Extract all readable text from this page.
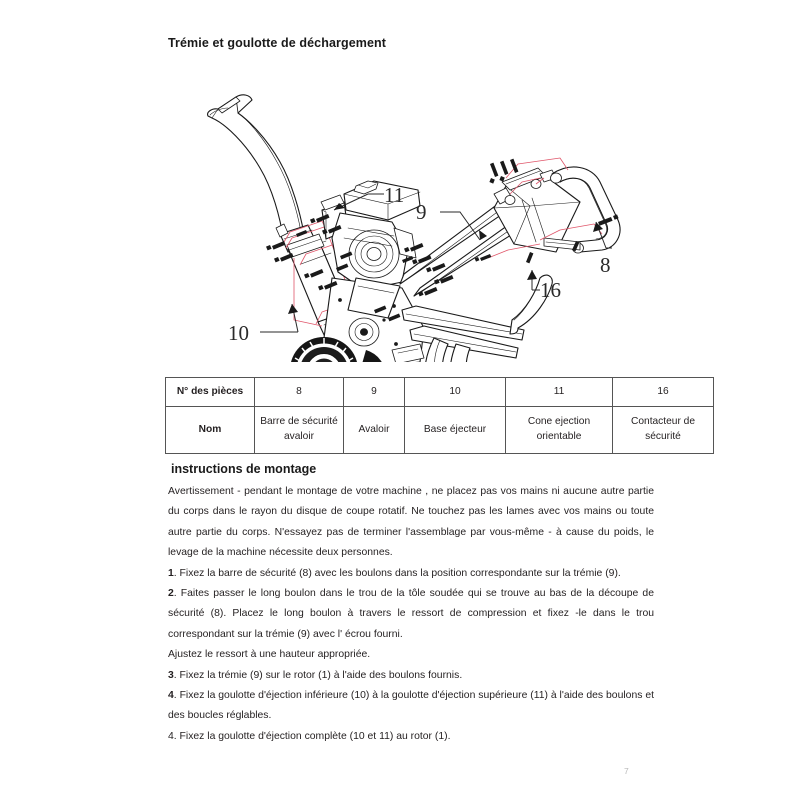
Trémie et goulotte de déchargement
11
9
10
8
16
N° des pièces	8	9	10	11	16
Nom	Barre de sécurité avaloir	Avaloir	Base éjecteur	Cone ejection orientable	Contacteur de sécurité
instructions de montage

Avertissement - pendant le montage de votre machine , ne placez pas vos mains ni aucune autre partie du corps dans le rayon du disque de coupe rotatif. Ne touchez pas les lames avec vos mains ou toute autre partie du corps. N'essayez pas de terminer l'assemblage par vous-même - à cause du poids, le levage de la machine nécessite deux personnes.

1. Fixez la barre de sécurité (8) avec les boulons dans la position correspondante sur la trémie (9).

2. Faites passer le long boulon dans le trou de la tôle soudée qui se trouve au bas de la découpe de sécurité (8). Placez le long boulon à travers le ressort de compression et fixez -le dans le trou correspondant sur la trémie (9) avec l' écrou fourni.

Ajustez le ressort à une hauteur appropriée.

3. Fixez la trémie (9) sur le rotor (1) à l'aide des boulons fournis.

4. Fixez la goulotte d'éjection inférieure (10) à la goulotte d'éjection supérieure (11) à l'aide des boulons et des boucles réglables.

4. Fixez la goulotte d'éjection complète (10 et 11) au rotor (1).

7
